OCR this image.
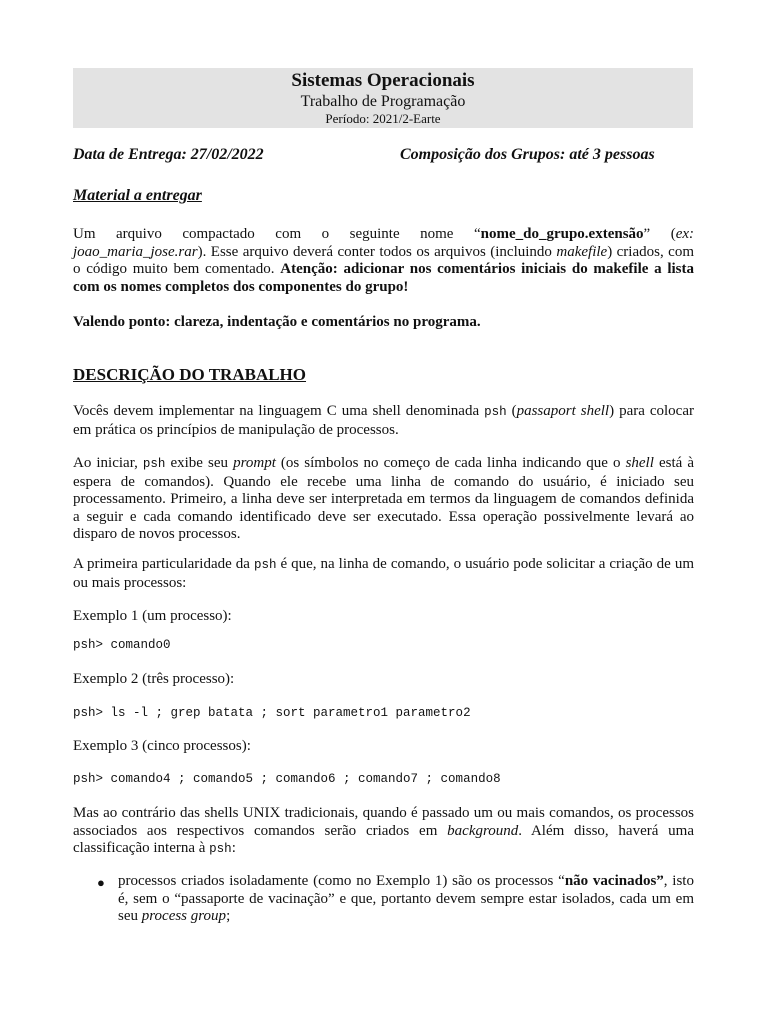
Sistemas Operacionais
Trabalho de Programação
Período: 2021/2-Earte
Data de Entrega: 27/02/2022	Composição dos Grupos: até 3 pessoas
Material a entregar
Um arquivo compactado com o seguinte nome “nome_do_grupo.extensão” (ex: joao_maria_jose.rar). Esse arquivo deverá conter todos os arquivos (incluindo makefile) criados, com o código muito bem comentado. Atenção: adicionar nos comentários iniciais do makefile a lista com os nomes completos dos componentes do grupo!
Valendo ponto: clareza, indentação e comentários no programa.
DESCRIÇÃO DO TRABALHO
Vocês devem implementar na linguagem C uma shell denominada psh (passaport shell) para colocar em prática os princípios de manipulação de processos.
Ao iniciar, psh exibe seu prompt (os símbolos no começo de cada linha indicando que o shell está à espera de comandos). Quando ele recebe uma linha de comando do usuário, é iniciado seu processamento. Primeiro, a linha deve ser interpretada em termos da linguagem de comandos definida a seguir e cada comando identificado deve ser executado. Essa operação possivelmente levará ao disparo de novos processos.
A primeira particularidade da psh é que, na linha de comando, o usuário pode solicitar a criação de um ou mais processos:
Exemplo 1 (um processo):
psh> comando0
Exemplo 2 (três processo):
psh> ls -l ; grep batata ; sort parametro1 parametro2
Exemplo 3 (cinco processos):
psh> comando4 ; comando5 ; comando6 ; comando7 ; comando8
Mas ao contrário das shells UNIX tradicionais, quando é passado um ou mais comandos, os processos associados aos respectivos comandos serão criados em background. Além disso, haverá uma classificação interna à psh:
● processos criados isoladamente (como no Exemplo 1) são os processos “não vacinados”, isto é, sem o “passaporte de vacinação” e que, portanto devem sempre estar isolados, cada um em seu process group;
